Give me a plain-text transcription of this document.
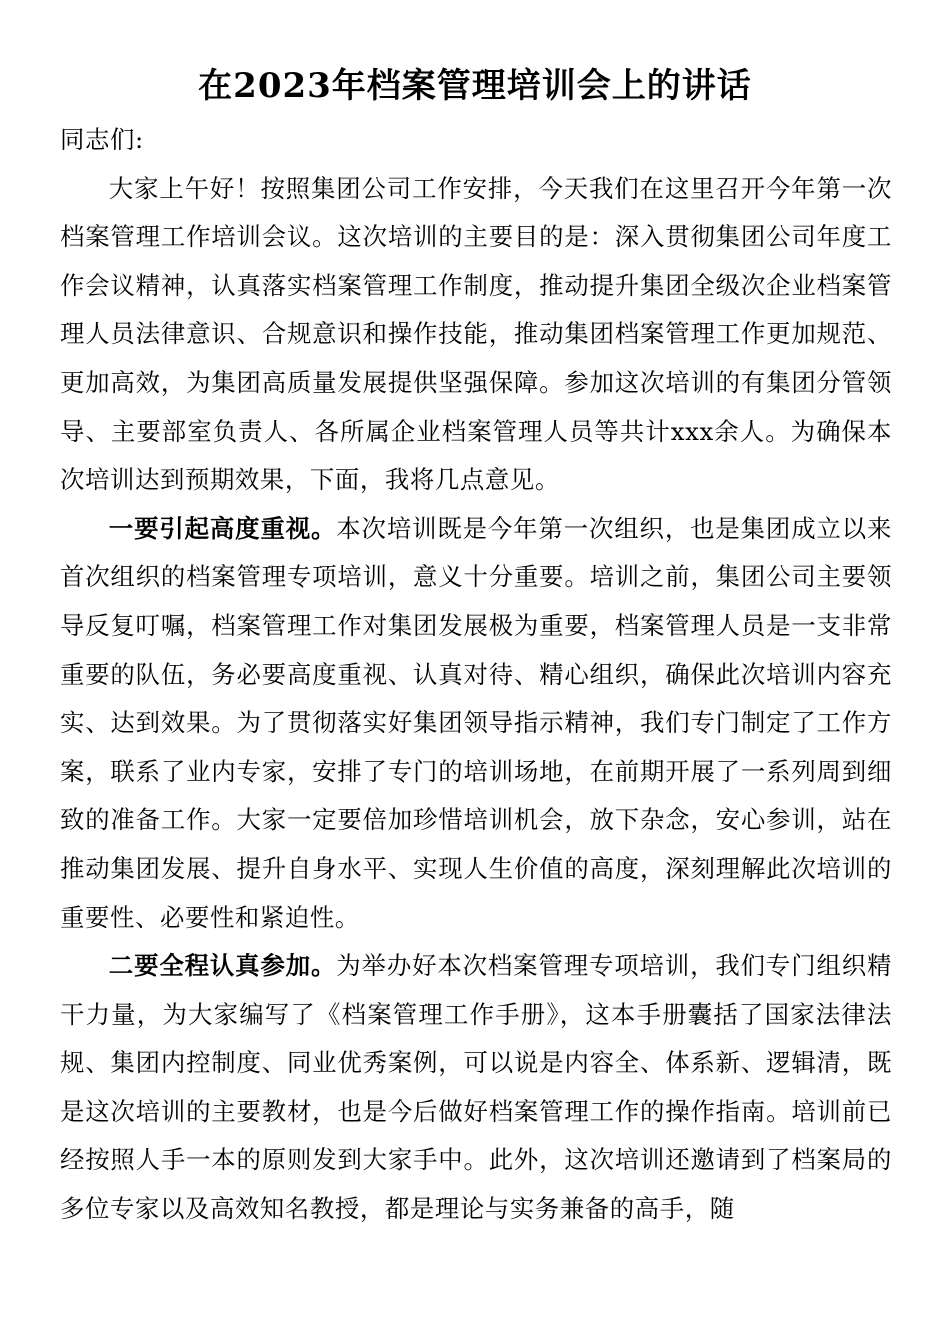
在2023年档案管理培训会上的讲话

同志们:

大家上午好！按照集团公司工作安排，今天我们在这里召开今年第一次档案管理工作培训会议。这次培训的主要目的是：深入贯彻集团公司年度工作会议精神，认真落实档案管理工作制度，推动提升集团全级次企业档案管理人员法律意识、合规意识和操作技能，推动集团档案管理工作更加规范、更加高效，为集团高质量发展提供坚强保障。参加这次培训的有集团分管领导、主要部室负责人、各所属企业档案管理人员等共计xxx余人。为确保本次培训达到预期效果，下面，我将几点意见。

一要引起高度重视。本次培训既是今年第一次组织，也是集团成立以来首次组织的档案管理专项培训，意义十分重要。培训之前，集团公司主要领导反复叮嘱，档案管理工作对集团发展极为重要，档案管理人员是一支非常重要的队伍，务必要高度重视、认真对待、精心组织，确保此次培训内容充实、达到效果。为了贯彻落实好集团领导指示精神，我们专门制定了工作方案，联系了业内专家，安排了专门的培训场地，在前期开展了一系列周到细致的准备工作。大家一定要倍加珍惜培训机会，放下杂念，安心参训，站在推动集团发展、提升自身水平、实现人生价值的高度，深刻理解此次培训的重要性、必要性和紧迫性。

二要全程认真参加。为举办好本次档案管理专项培训，我们专门组织精干力量，为大家编写了《档案管理工作手册》，这本手册囊括了国家法律法规、集团内控制度、同业优秀案例，可以说是内容全、体系新、逻辑清，既是这次培训的主要教材，也是今后做好档案管理工作的操作指南。培训前已经按照人手一本的原则发到大家手中。此外，这次培训还邀请到了档案局的多位专家以及高效知名教授，都是理论与实务兼备的高手，随
